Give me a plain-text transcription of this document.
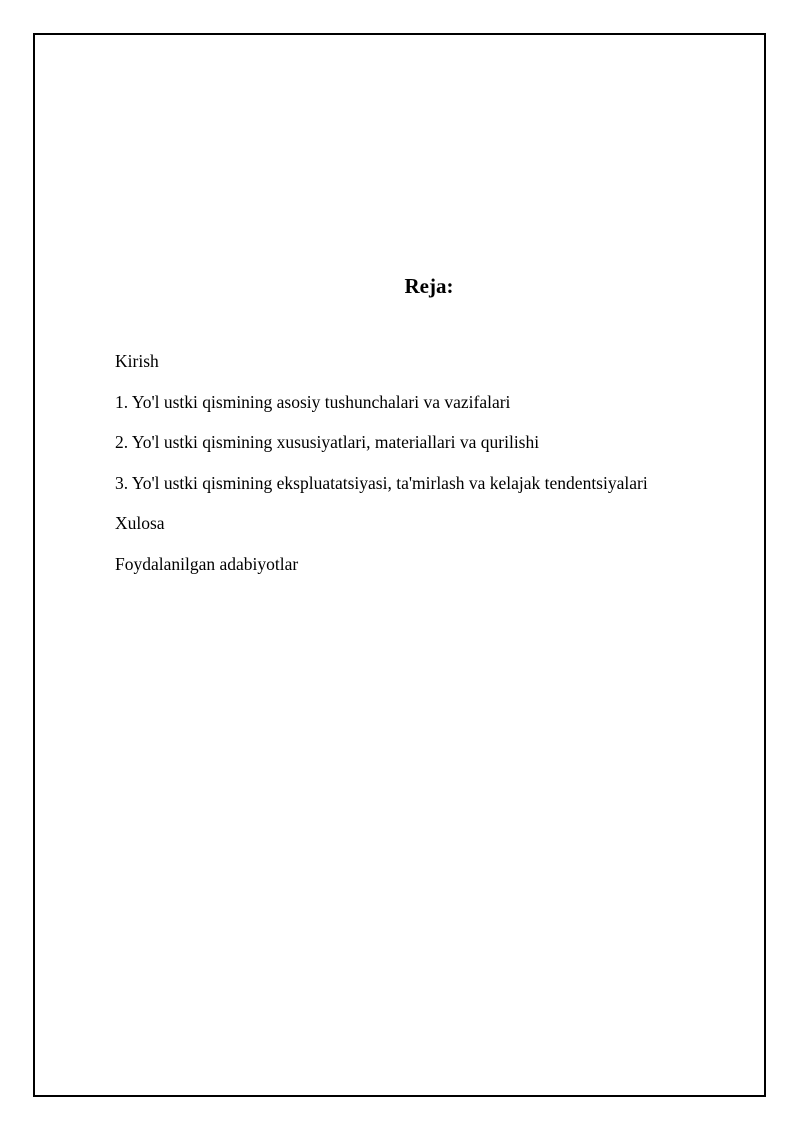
Reja:
Kirish
1. Yo'l ustki qismining asosiy tushunchalari va vazifalari
2. Yo'l ustki qismining xususiyatlari, materiallari va qurilishi
3. Yo'l ustki qismining ekspluatatsiyasi, ta'mirlash va kelajak tendentsiyalari
Xulosa
Foydalanilgan adabiyotlar
